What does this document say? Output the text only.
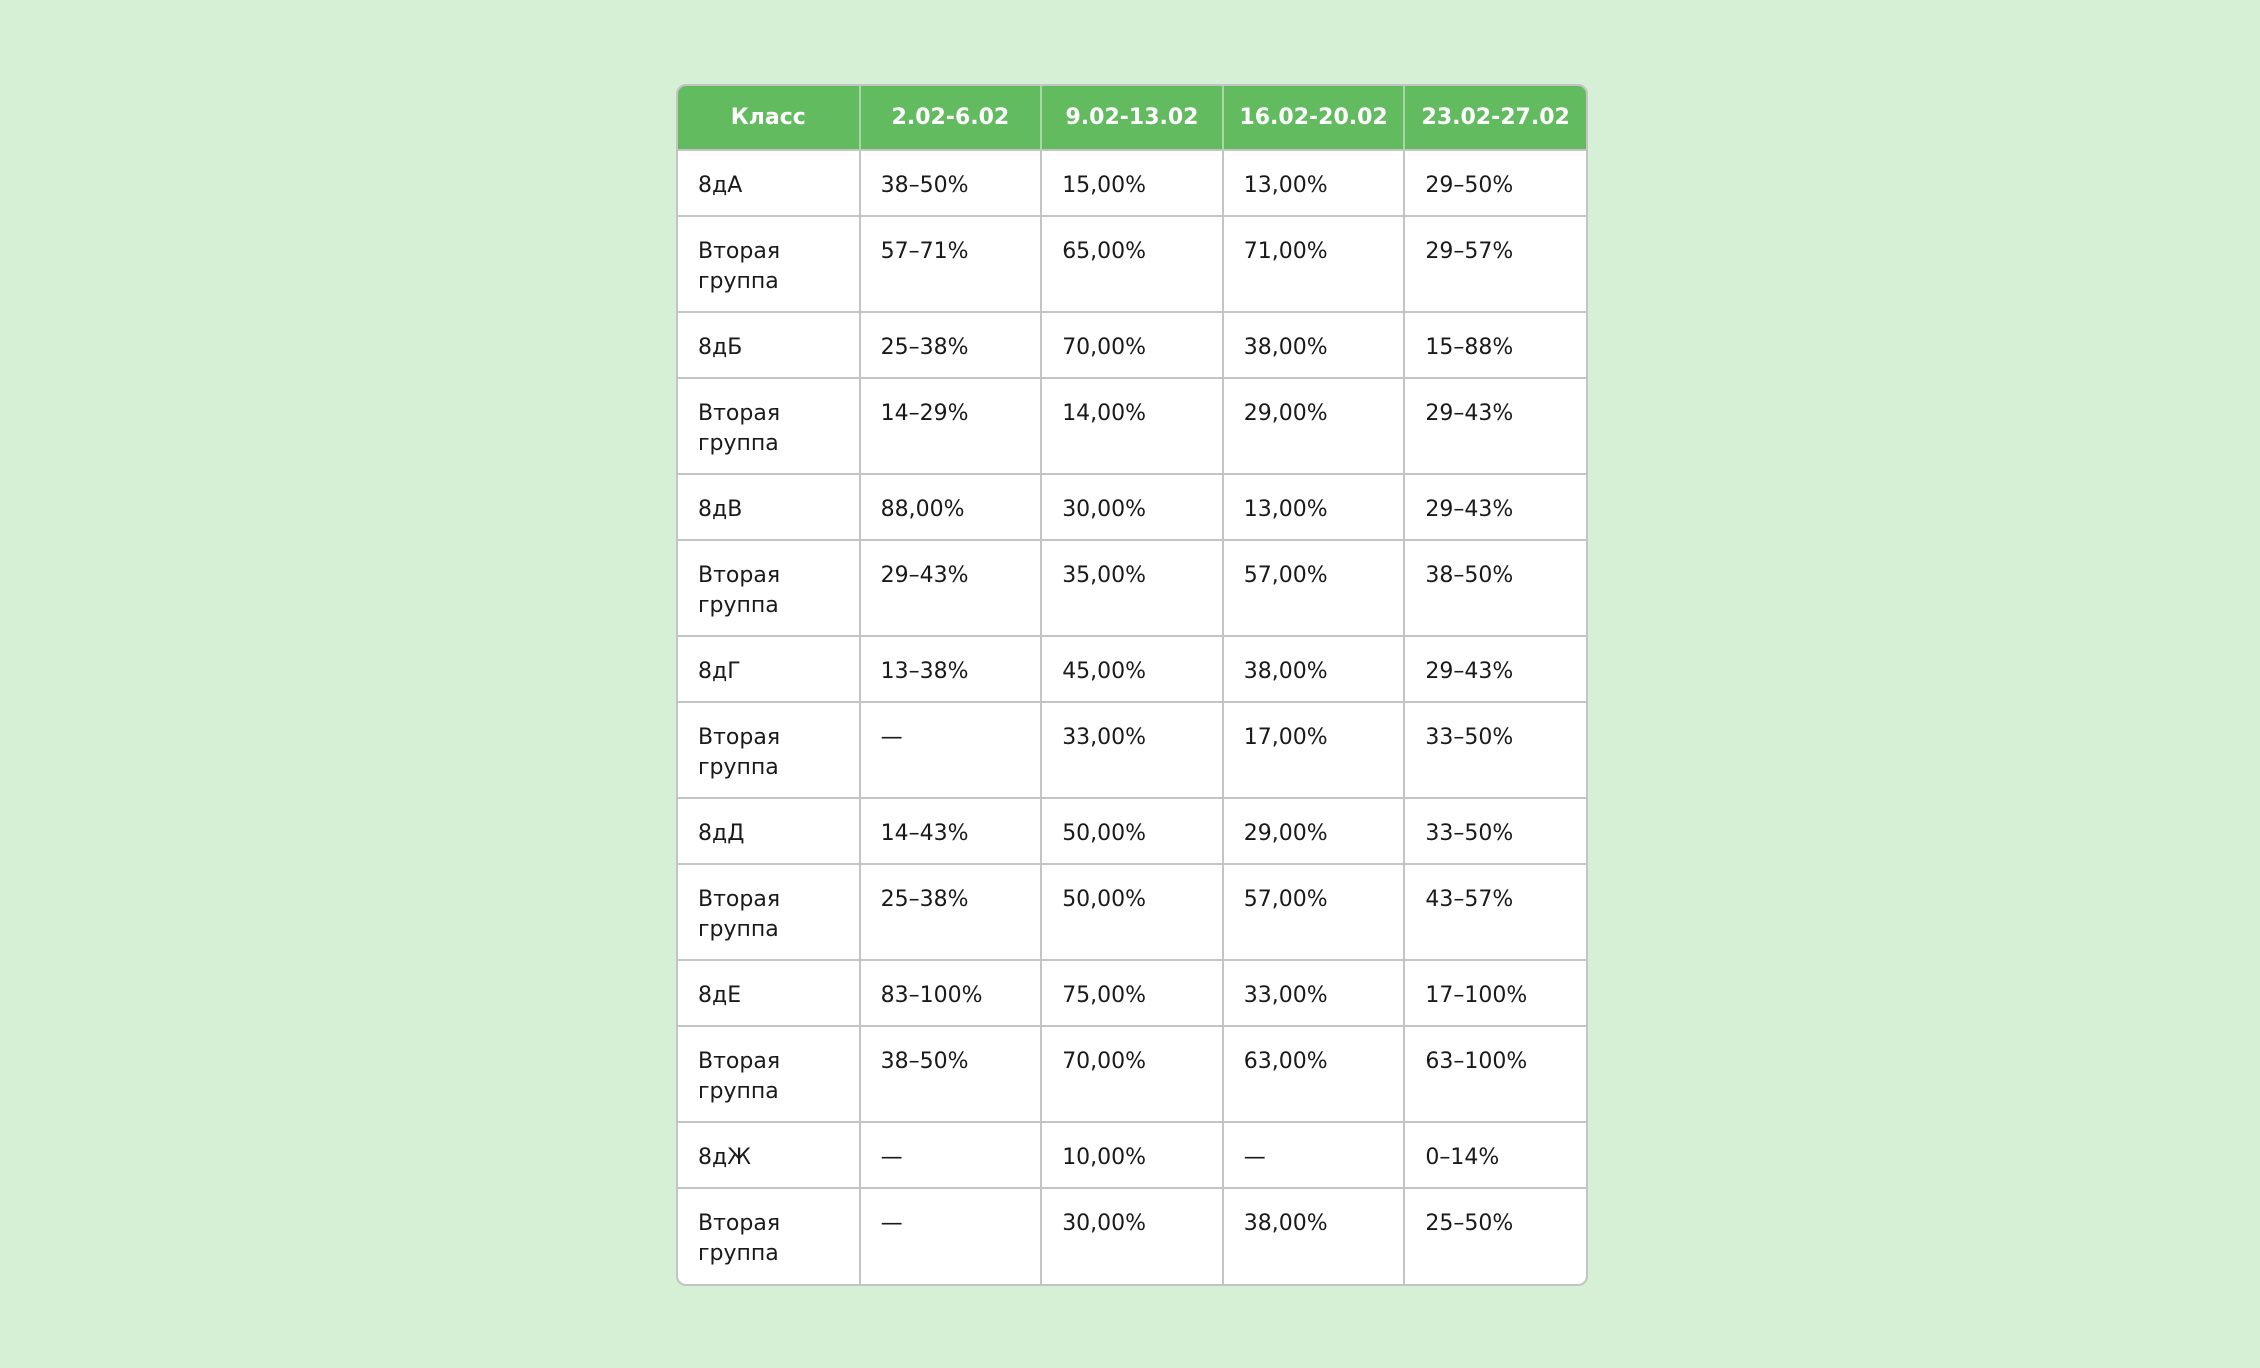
Класс	2.02-6.02	9.02-13.02	16.02-20.02	23.02-27.02
8дА	38–50%	15,00%	13,00%	29–50%
Вторая группа	57–71%	65,00%	71,00%	29–57%
8дБ	25–38%	70,00%	38,00%	15–88%
Вторая группа	14–29%	14,00%	29,00%	29–43%
8дВ	88,00%	30,00%	13,00%	29–43%
Вторая группа	29–43%	35,00%	57,00%	38–50%
8дГ	13–38%	45,00%	38,00%	29–43%
Вторая группа	—	33,00%	17,00%	33–50%
8дД	14–43%	50,00%	29,00%	33–50%
Вторая группа	25–38%	50,00%	57,00%	43–57%
8дЕ	83–100%	75,00%	33,00%	17–100%
Вторая группа	38–50%	70,00%	63,00%	63–100%
8дЖ	—	10,00%	—	0–14%
Вторая группа	—	30,00%	38,00%	25–50%
